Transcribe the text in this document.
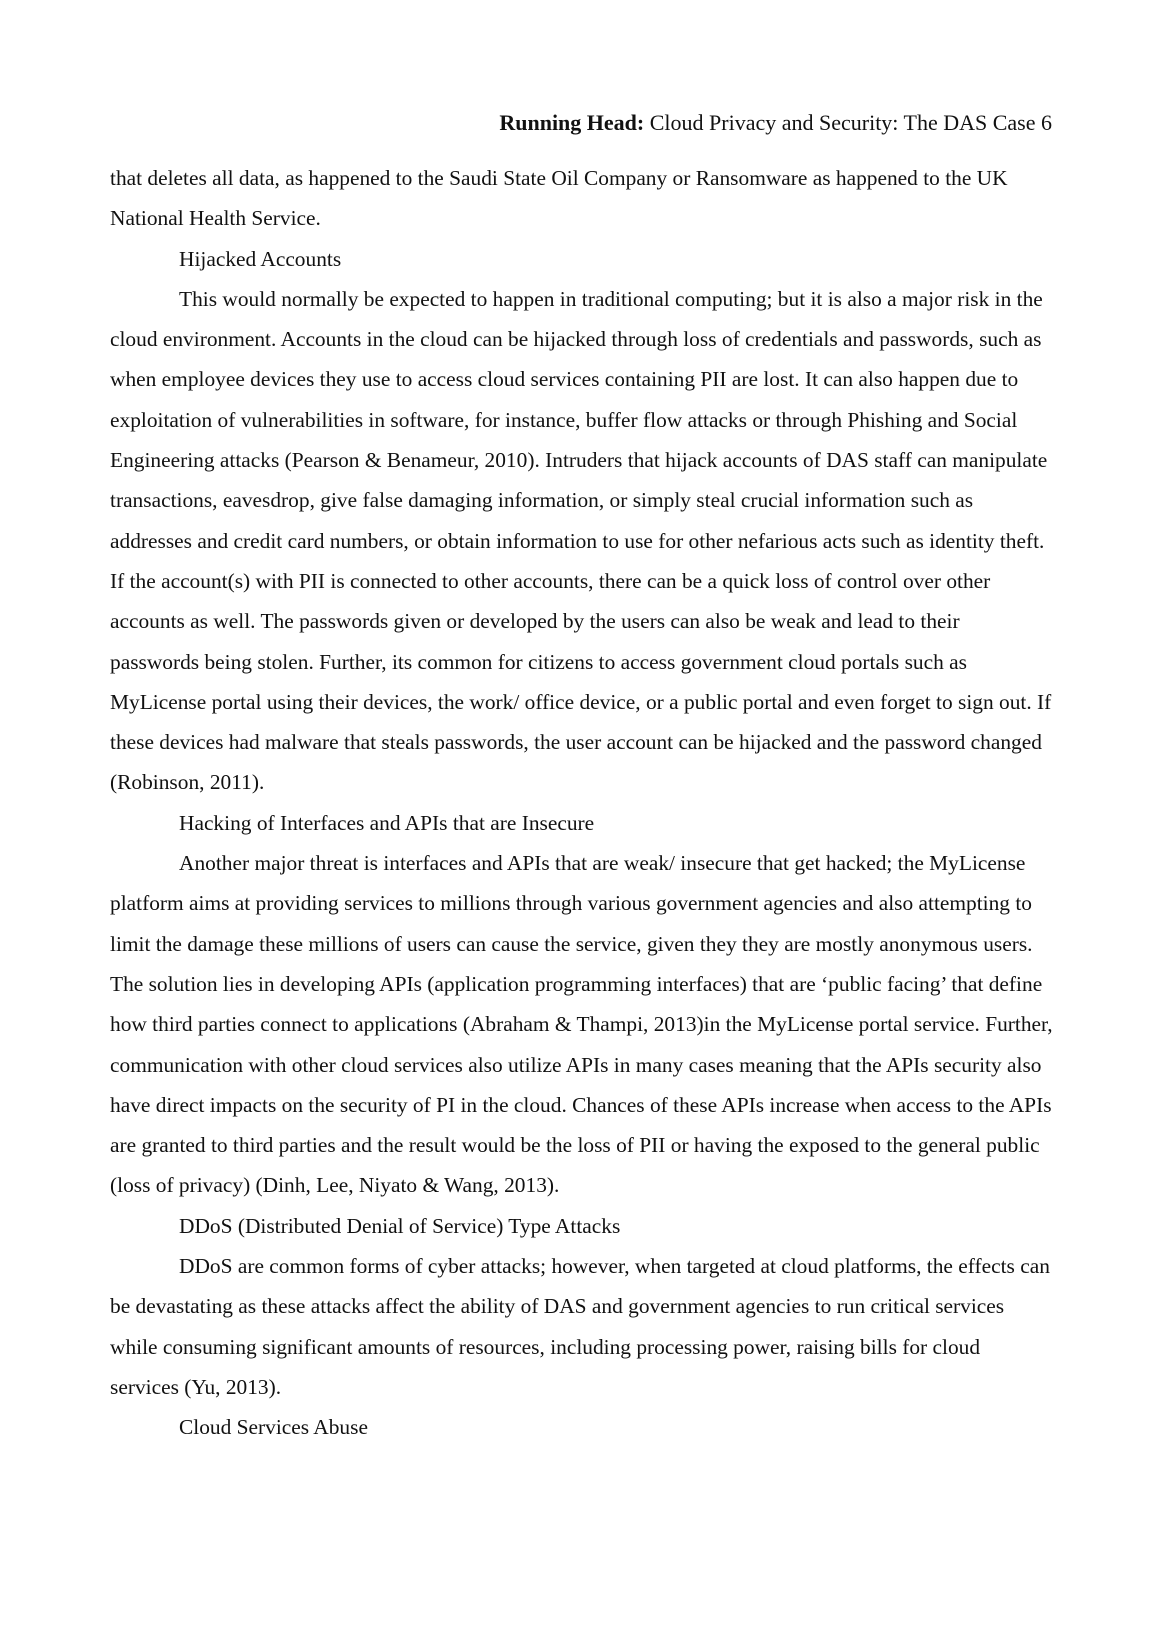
Running Head: Cloud Privacy and Security: The DAS Case 6

that deletes all data, as happened to the Saudi State Oil Company or Ransomware as happened to the UK National Health Service.

Hijacked Accounts

This would normally be expected to happen in traditional computing; but it is also a major risk in the cloud environment. Accounts in the cloud can be hijacked through loss of credentials and passwords, such as when employee devices they use to access cloud services containing PII are lost. It can also happen due to exploitation of vulnerabilities in software, for instance, buffer flow attacks or through Phishing and Social Engineering attacks (Pearson & Benameur, 2010). Intruders that hijack accounts of DAS staff can manipulate transactions, eavesdrop, give false damaging information, or simply steal crucial information such as addresses and credit card numbers, or obtain information to use for other nefarious acts such as identity theft. If the account(s) with PII is connected to other accounts, there can be a quick loss of control over other accounts as well. The passwords given or developed by the users can also be weak and lead to their passwords being stolen. Further, its common for citizens to access government cloud portals such as MyLicense portal using their devices, the work/ office device, or a public portal and even forget to sign out. If these devices had malware that steals passwords, the user account can be hijacked and the password changed (Robinson, 2011).

Hacking of Interfaces and APIs that are Insecure

Another major threat is interfaces and APIs that are weak/ insecure that get hacked; the MyLicense platform aims at providing services to millions through various government agencies and also attempting to limit the damage these millions of users can cause the service, given they they are mostly anonymous users. The solution lies in developing APIs (application programming interfaces) that are ‘public facing’ that define how third parties connect to applications (Abraham & Thampi, 2013)in the MyLicense portal service. Further, communication with other cloud services also utilize APIs in many cases meaning that the APIs security also have direct impacts on the security of PI in the cloud. Chances of these APIs increase when access to the APIs are granted to third parties and the result would be the loss of PII or having the exposed to the general public (loss of privacy) (Dinh, Lee, Niyato & Wang, 2013).

DDoS (Distributed Denial of Service) Type Attacks

DDoS are common forms of cyber attacks; however, when targeted at cloud platforms, the effects can be devastating as these attacks affect the ability of DAS and government agencies to run critical services while consuming significant amounts of resources, including processing power, raising bills for cloud services (Yu, 2013).

Cloud Services Abuse
